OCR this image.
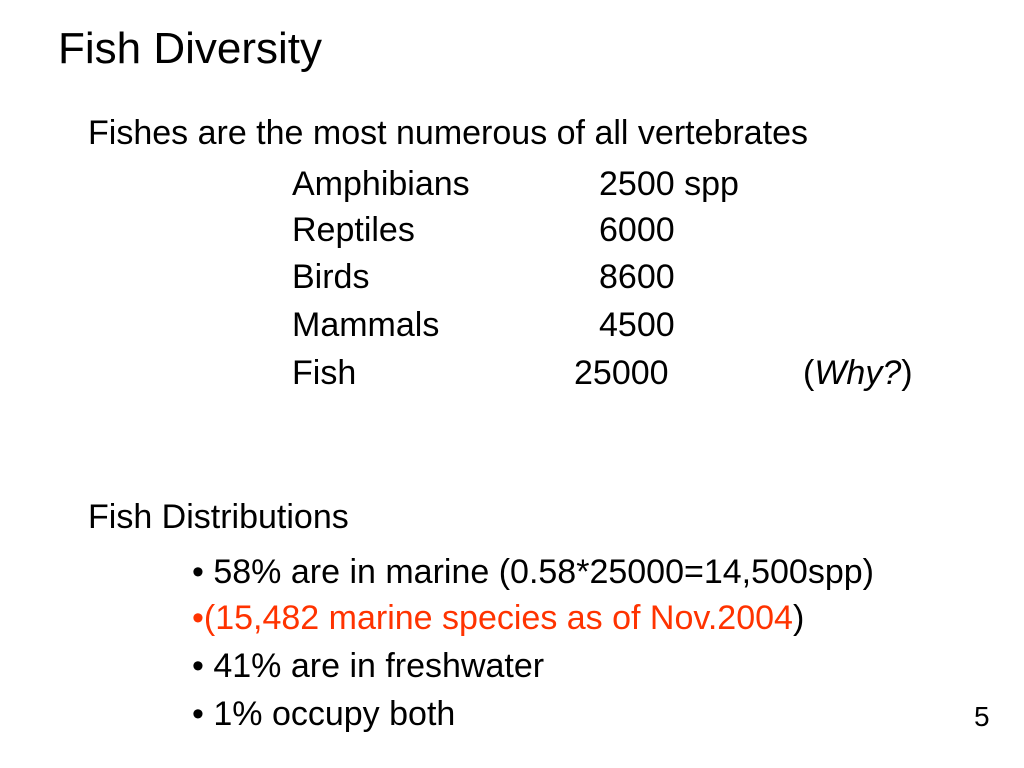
Fish Diversity
Fishes are the most numerous of all vertebrates
Amphibians	2500 spp
Reptiles	6000
Birds	8600
Mammals	4500
Fish	25000	(Why?)
Fish Distributions
• 58% are in marine (0.58*25000=14,500spp)
•(15,482 marine species as of Nov.2004)
• 41% are in freshwater
• 1% occupy both	5
